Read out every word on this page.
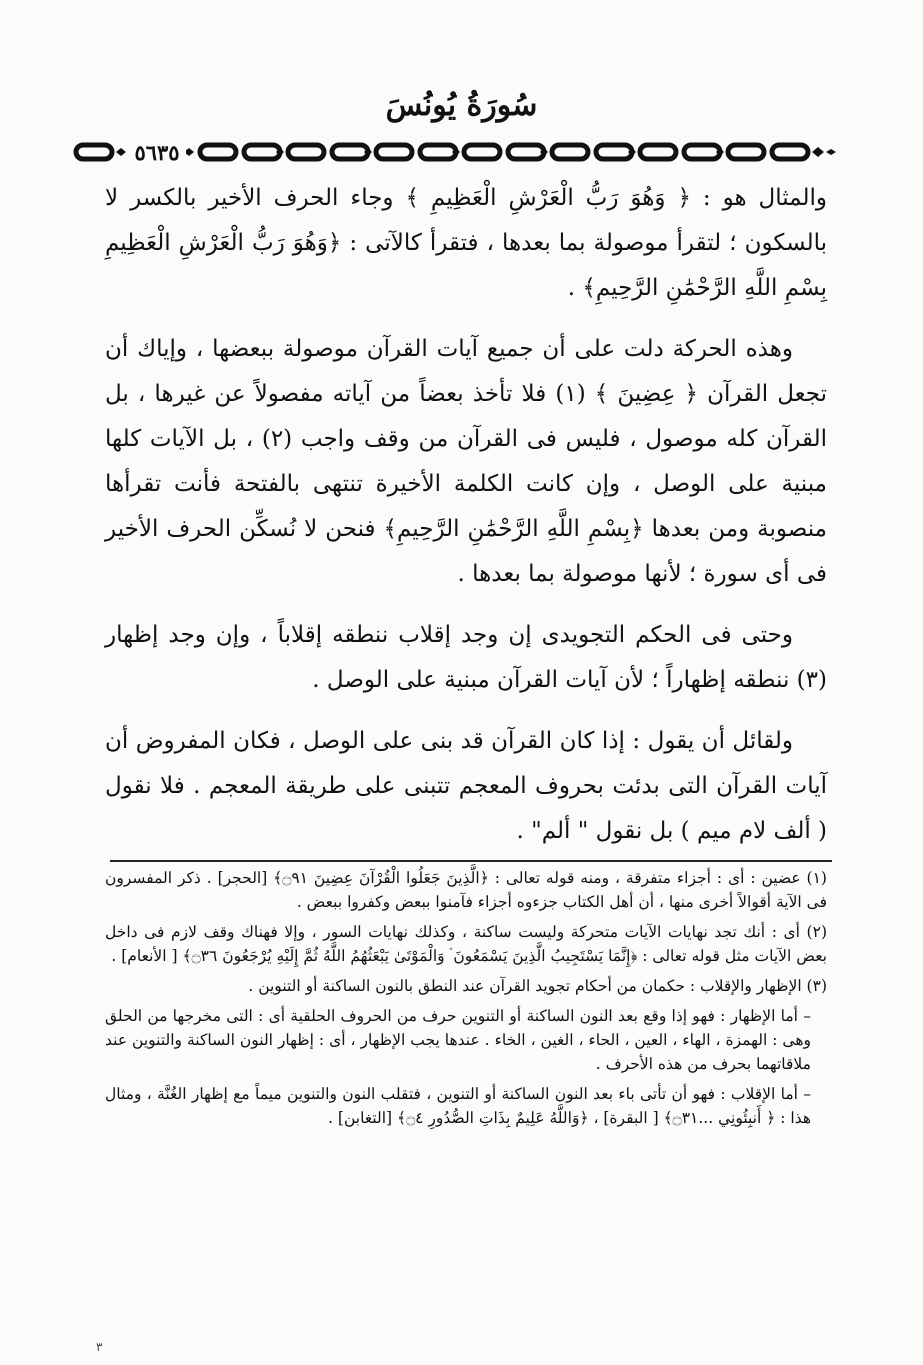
سُورَةُ يُونُسَ
٥٦٣٥

والمثال هو : ﴿ وَهُوَ رَبُّ الْعَرْشِ الْعَظِيمِ ﴾ وجاء الحرف الأخير بالكسر لا بالسكون ؛ لتقرأ موصولة بما بعدها ، فتقرأ كالآتى : ﴿وَهُوَ رَبُّ الْعَرْشِ الْعَظِيمِ بِسْمِ اللَّهِ الرَّحْمَٰنِ الرَّحِيمِ﴾ .

وهذه الحركة دلت على أن جميع آيات القرآن موصولة ببعضها ، وإياك أن تجعل القرآن ﴿ عِضِينَ ﴾ (١) فلا تأخذ بعضاً من آياته مفصولاً عن غيرها ، بل القرآن كله موصول ، فليس فى القرآن من وقف واجب (٢) ، بل الآيات كلها مبنية على الوصل ، وإن كانت الكلمة الأخيرة تنتهى بالفتحة فأنت تقرأها منصوبة ومن بعدها ﴿بِسْمِ اللَّهِ الرَّحْمَٰنِ الرَّحِيمِ﴾ فنحن لا نُسكِّن الحرف الأخير فى أى سورة ؛ لأنها موصولة بما بعدها .

وحتى فى الحكم التجويدى إن وجد إقلاب ننطقه إقلاباً ، وإن وجد إظهار (٣) ننطقه إظهاراً ؛ لأن آيات القرآن مبنية على الوصل .

ولقائل أن يقول : إذا كان القرآن قد بنى على الوصل ، فكان المفروض أن آيات القرآن التى بدئت بحروف المعجم تتبنى على طريقة المعجم . فلا نقول ( ألف لام ميم ) بل نقول " ألم" .

(١) عضين : أى : أجزاء متفرقة ، ومنه قوله تعالى : ﴿الَّذِينَ جَعَلُوا الْقُرْآنَ عِضِينَ ۝٩١﴾ [الحجر] . ذكر المفسرون فى الآية أقوالاً أخرى منها ، أن أهل الكتاب جزءوه أجزاء فآمنوا ببعض وكفروا ببعض .

(٢) أى : أنك تجد نهايات الآيات متحركة وليست ساكنة ، وكذلك نهايات السور ، وإلا فهناك وقف لازم فى داخل بعض الآيات مثل قوله تعالى : ﴿إِنَّمَا يَسْتَجِيبُ الَّذِينَ يَسْمَعُونَ ۘ وَالْمَوْتَىٰ يَبْعَثُهُمُ اللَّهُ ثُمَّ إِلَيْهِ يُرْجَعُونَ ۝٣٦﴾ [ الأنعام] .

(٣) الإظهار والإقلاب : حكمان من أحكام تجويد القرآن عند النطق بالنون الساكنة أو التنوين .

– أما الإظهار : فهو إذا وقع بعد النون الساكنة أو التنوين حرف من الحروف الحلقية أى : التى مخرجها من الحلق وهى : الهمزة ، الهاء ، العين ، الحاء ، الغين ، الخاء . عندها يجب الإظهار ، أى : إظهار النون الساكنة والتنوين عند ملاقاتهما بحرف من هذه الأحرف .

– أما الإقلاب : فهو أن تأتى باء بعد النون الساكنة أو التنوين ، فتقلب النون والتنوين ميماً مع إظهار الغُنَّة ، ومثال هذا : ﴿ أَنبِئُونِي ...۝٣١﴾ [ البقرة] ، ﴿وَاللَّهُ عَلِيمٌ بِذَاتِ الصُّدُورِ ۝٤﴾ [التغابن] .

٣
